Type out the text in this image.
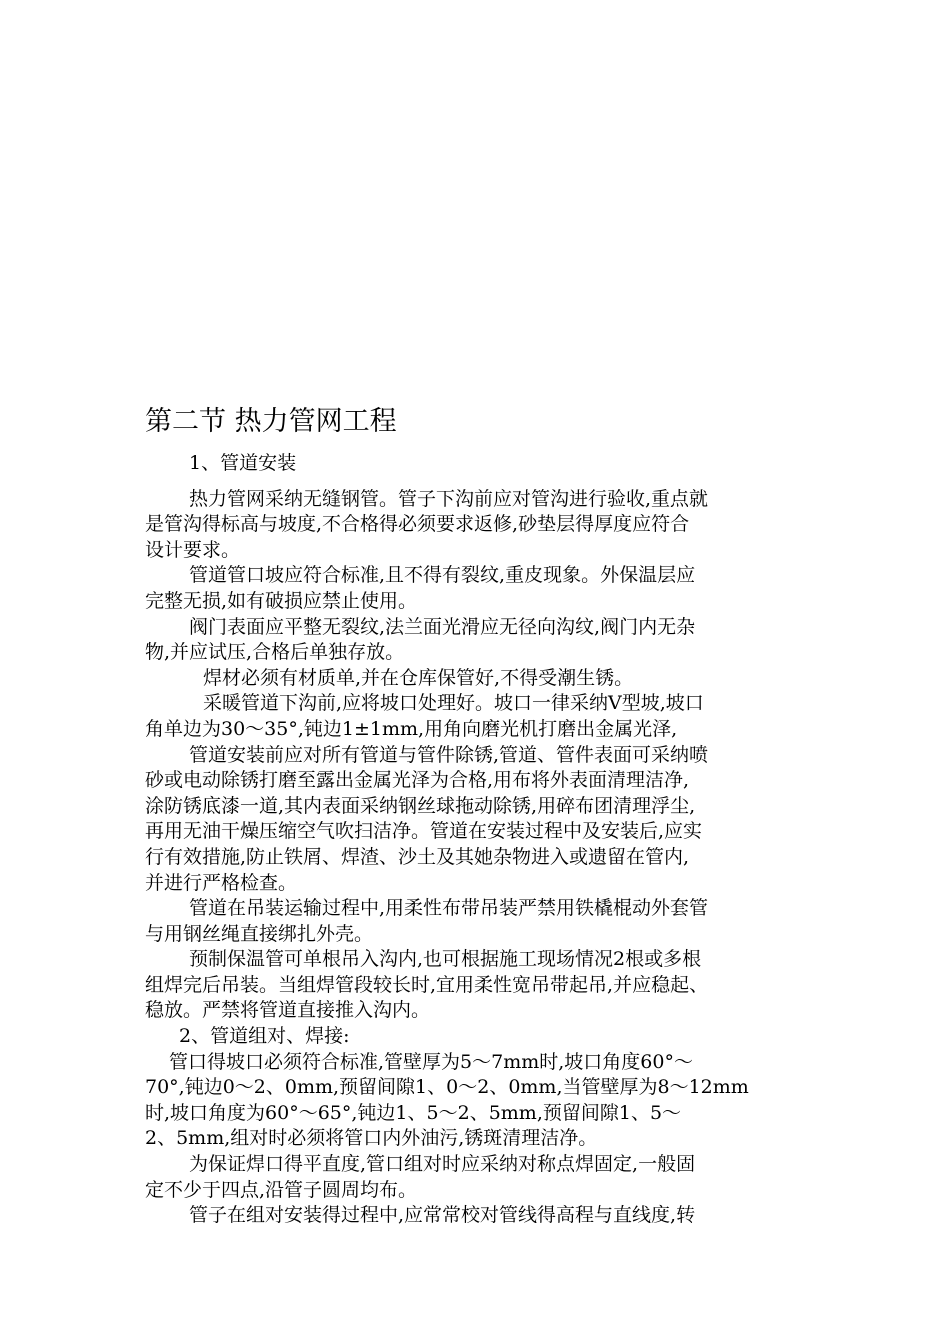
第二节 热力管网工程
1、管道安装
热力管网采纳无缝钢管。管子下沟前应对管沟进行验收,重点就
是管沟得标高与坡度,不合格得必须要求返修,砂垫层得厚度应符合
设计要求。
管道管口坡应符合标准,且不得有裂纹,重皮现象。外保温层应
完整无损,如有破损应禁止使用。
阀门表面应平整无裂纹,法兰面光滑应无径向沟纹,阀门内无杂
物,并应试压,合格后单独存放。
焊材必须有材质单,并在仓库保管好,不得受潮生锈。
采暖管道下沟前,应将坡口处理好。坡口一律采纳Ⅴ型坡,坡口
角单边为30～35°,钝边1±1mm,用角向磨光机打磨出金属光泽,
管道安装前应对所有管道与管件除锈,管道、管件表面可采纳喷
砂或电动除锈打磨至露出金属光泽为合格,用布将外表面清理洁净,
涂防锈底漆一道,其内表面采纳钢丝球拖动除锈,用碎布团清理浮尘,
再用无油干燥压缩空气吹扫洁净。管道在安装过程中及安装后,应实
行有效措施,防止铁屑、焊渣、沙土及其她杂物进入或遗留在管内,
并进行严格检查。
管道在吊装运输过程中,用柔性布带吊装严禁用铁橇棍动外套管
与用钢丝绳直接绑扎外壳。
预制保温管可单根吊入沟内,也可根据施工现场情况2根或多根
组焊完后吊装。当组焊管段较长时,宜用柔性宽吊带起吊,并应稳起、
稳放。严禁将管道直接推入沟内。
2、管道组对、焊接:
管口得坡口必须符合标准,管壁厚为5～7mm时,坡口角度60°～
70°,钝边0～2、0mm,预留间隙1、0～2、0mm,当管壁厚为8～12mm
时,坡口角度为60°～65°,钝边1、5～2、5mm,预留间隙1、5～
2、5mm,组对时必须将管口内外油污,锈斑清理洁净。
为保证焊口得平直度,管口组对时应采纳对称点焊固定,一般固
定不少于四点,沿管子圆周均布。
管子在组对安装得过程中,应常常校对管线得高程与直线度,转
